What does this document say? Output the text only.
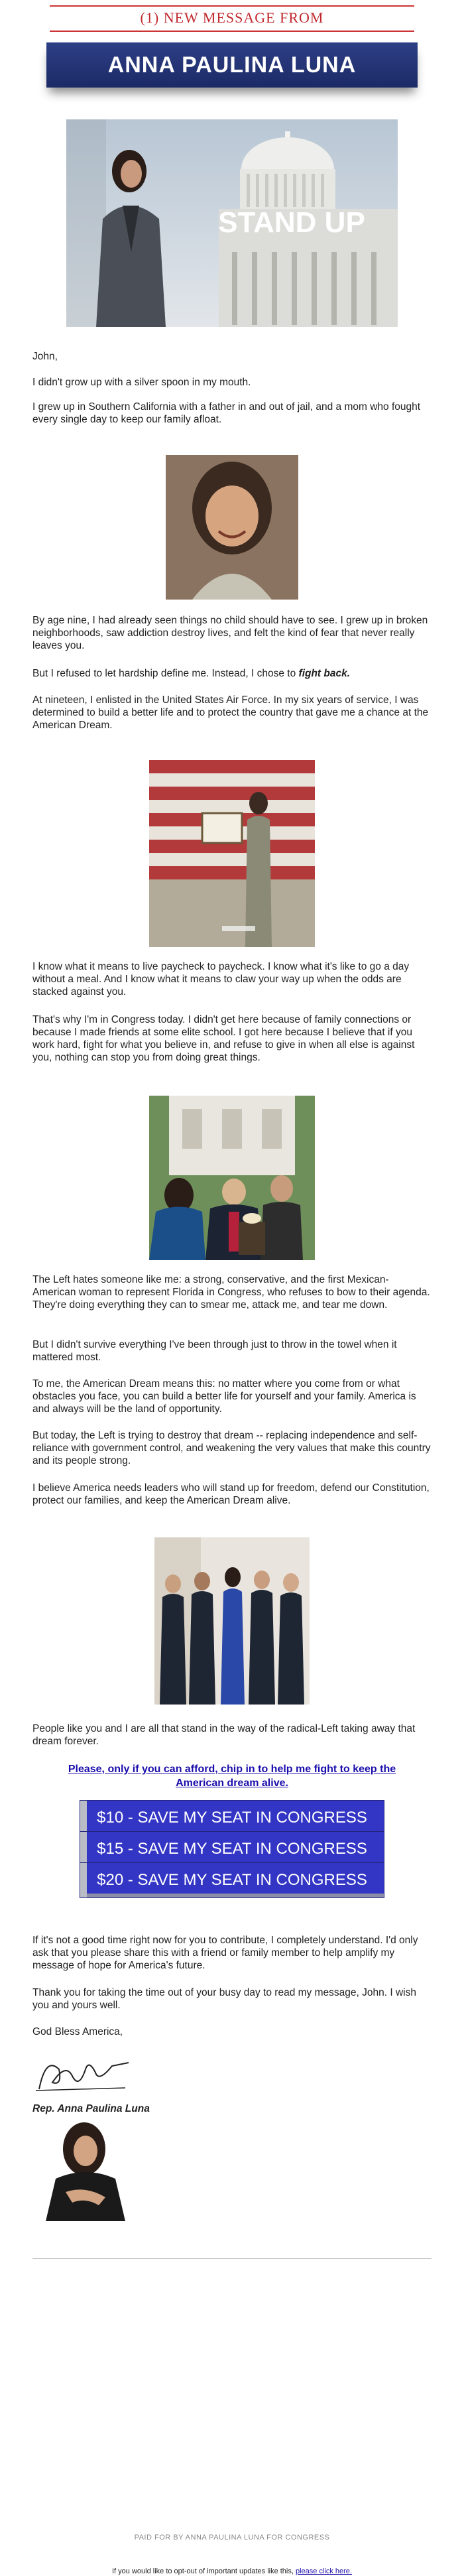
(1) NEW MESSAGE FROM
ANNA PAULINA LUNA
STAND UP
John,
I didn't grow up with a silver spoon in my mouth.
I grew up in Southern California with a father in and out of jail, and a mom who fought every single day to keep our family afloat.
By age nine, I had already seen things no child should have to see. I grew up in broken neighborhoods, saw addiction destroy lives, and felt the kind of fear that never really leaves you.
But I refused to let hardship define me. Instead, I chose to fight back.
At nineteen, I enlisted in the United States Air Force. In my six years of service, I was determined to build a better life and to protect the country that gave me a chance at the American Dream.
I know what it means to live paycheck to paycheck. I know what it's like to go a day without a meal. And I know what it means to claw your way up when the odds are stacked against you.
That's why I'm in Congress today. I didn't get here because of family connections or because I made friends at some elite school. I got here because I believe that if you work hard, fight for what you believe in, and refuse to give in when all else is against you, nothing can stop you from doing great things.
The Left hates someone like me: a strong, conservative, and the first Mexican-American woman to represent Florida in Congress, who refuses to bow to their agenda. They're doing everything they can to smear me, attack me, and tear me down.
But I didn't survive everything I've been through just to throw in the towel when it mattered most.
To me, the American Dream means this: no matter where you come from or what obstacles you face, you can build a better life for yourself and your family. America is and always will be the land of opportunity.
But today, the Left is trying to destroy that dream -- replacing independence and self-reliance with government control, and weakening the very values that make this country and its people strong.
I believe America needs leaders who will stand up for freedom, defend our Constitution, protect our families, and keep the American Dream alive.
People like you and I are all that stand in the way of the radical-Left taking away that dream forever.
Please, only if you can afford, chip in to help me fight to keep the American dream alive.
$10 - SAVE MY SEAT IN CONGRESS
$15 - SAVE MY SEAT IN CONGRESS
$20 - SAVE MY SEAT IN CONGRESS
If it's not a good time right now for you to contribute, I completely understand. I'd only ask that you please share this with a friend or family member to help amplify my message of hope for America's future.
Thank you for taking the time out of your busy day to read my message, John. I wish you and yours well.
God Bless America,
Rep. Anna Paulina Luna
PAID FOR BY ANNA PAULINA LUNA FOR CONGRESS
If you would like to opt-out of important updates like this, please click here.
